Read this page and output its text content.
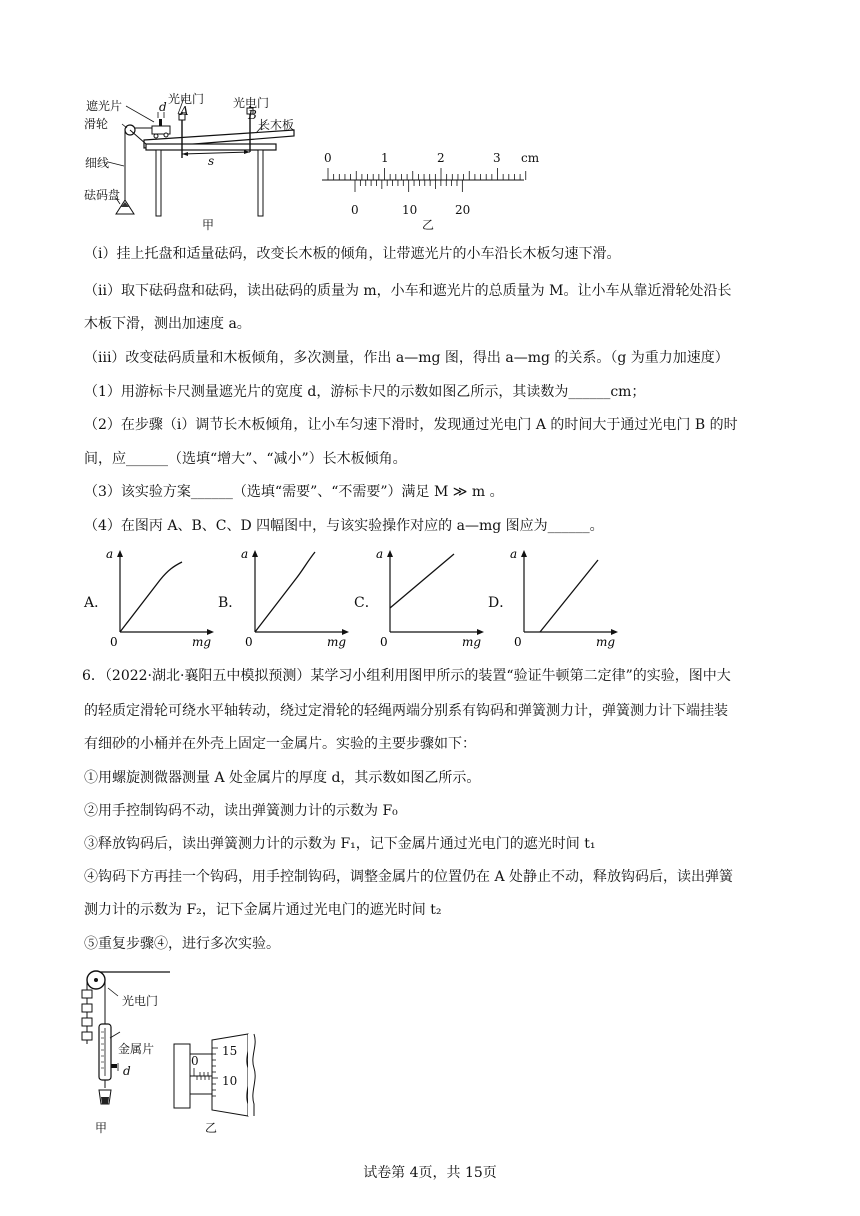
遮光片
滑轮
细线
砝码盘
光电门 光电门
长木板
d A	B
s
甲
0	1	2	3 cm
0	10	20
乙
（i）挂上托盘和适量砝码，改变长木板的倾角，让带遮光片的小车沿长木板匀速下滑。
（ii）取下砝码盘和砝码，读出砝码的质量为 m，小车和遮光片的总质量为 M。让小车从靠近滑轮处沿长
木板下滑，测出加速度 a。
（iii）改变砝码质量和木板倾角，多次测量，作出 a—mg 图，得出 a—mg 的关系。（g 为重力加速度）
（1）用游标卡尺测量遮光片的宽度 d，游标卡尺的示数如图乙所示，其读数为______cm；
（2）在步骤（i）调节长木板倾角，让小车匀速下滑时，发现通过光电门 A 的时间大于通过光电门 B 的时
间，应______（选填“增大”、“减小”）长木板倾角。
（3）该实验方案______（选填“需要”、“不需要”）满足 M ≫ m 。
（4）在图丙 A、B、C、D 四幅图中，与该实验操作对应的 a—mg 图应为______。
A．	B．	C．	D．
a
mg
0
a
mg
0
a
mg
0
a
mg
0
6．（2022·湖北·襄阳五中模拟预测）某学习小组利用图甲所示的装置“验证牛顿第二定律”的实验，图中大
的轻质定滑轮可绕水平轴转动，绕过定滑轮的轻绳两端分别系有钩码和弹簧测力计，弹簧测力计下端挂装
有细砂的小桶并在外壳上固定一金属片。实验的主要步骤如下：
①用螺旋测微器测量 A 处金属片的厚度 d，其示数如图乙所示。
②用手控制钩码不动，读出弹簧测力计的示数为 F₀
③释放钩码后，读出弹簧测力计的示数为 F₁，记下金属片通过光电门的遮光时间 t₁
④钩码下方再挂一个钩码，用手控制钩码，调整金属片的位置仍在 A 处静止不动，释放钩码后，读出弹簧
测力计的示数为 F₂，记下金属片通过光电门的遮光时间 t₂
⑤重复步骤④，进行多次实验。
光电门
金属片
d
甲
0
15
10
乙
试卷第 4页，共 15页
